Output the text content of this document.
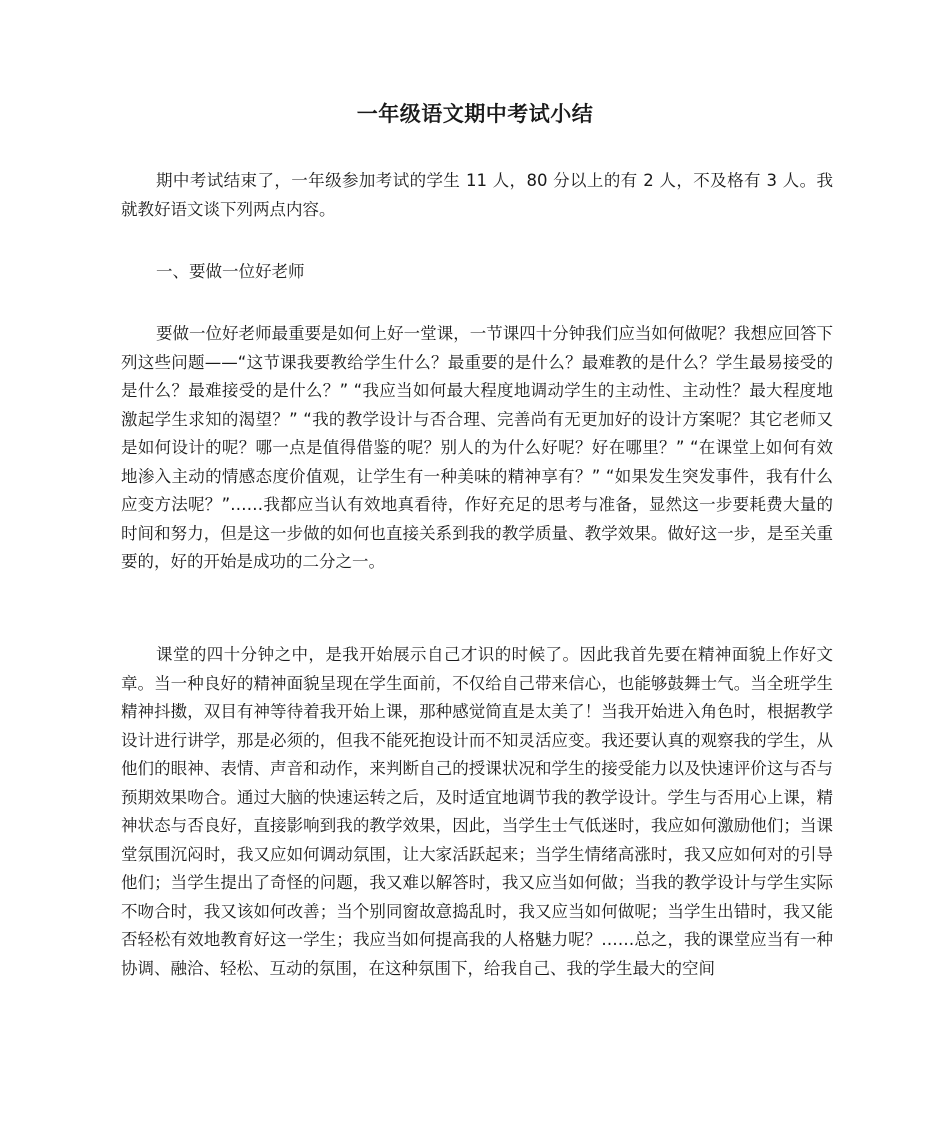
一年级语文期中考试小结

期中考试结束了，一年级参加考试的学生 11 人，80 分以上的有 2 人，不及格有 3 人。我就教好语文谈下列两点内容。

一、要做一位好老师

要做一位好老师最重要是如何上好一堂课，一节课四十分钟我们应当如何做呢？我想应回答下列这些问题——“这节课我要教给学生什么？最重要的是什么？最难教的是什么？学生最易接受的是什么？最难接受的是什么？” “我应当如何最大程度地调动学生的主动性、主动性？最大程度地激起学生求知的渴望？” “我的教学设计与否合理、完善尚有无更加好的设计方案呢？其它老师又是如何设计的呢？哪一点是值得借鉴的呢？别人的为什么好呢？好在哪里？” “在课堂上如何有效地渗入主动的情感态度价值观，让学生有一种美味的精神享有？” “如果发生突发事件，我有什么应变方法呢？”……我都应当认有效地真看待，作好充足的思考与准备，显然这一步要耗费大量的时间和努力，但是这一步做的如何也直接关系到我的教学质量、教学效果。做好这一步，是至关重要的，好的开始是成功的二分之一。

课堂的四十分钟之中，是我开始展示自己才识的时候了。因此我首先要在精神面貌上作好文章。当一种良好的精神面貌呈现在学生面前，不仅给自己带来信心，也能够鼓舞士气。当全班学生精神抖擞，双目有神等待着我开始上课，那种感觉简直是太美了！当我开始进入角色时，根据教学设计进行讲学，那是必须的，但我不能死抱设计而不知灵活应变。我还要认真的观察我的学生，从他们的眼神、表情、声音和动作，来判断自己的授课状况和学生的接受能力以及快速评价这与否与预期效果吻合。通过大脑的快速运转之后，及时适宜地调节我的教学设计。学生与否用心上课，精神状态与否良好，直接影响到我的教学效果，因此，当学生士气低迷时，我应如何激励他们；当课堂氛围沉闷时，我又应如何调动氛围，让大家活跃起来；当学生情绪高涨时，我又应如何对的引导他们；当学生提出了奇怪的问题，我又难以解答时，我又应当如何做；当我的教学设计与学生实际不吻合时，我又该如何改善；当个别同窗故意捣乱时，我又应当如何做呢；当学生出错时，我又能否轻松有效地教育好这一学生；我应当如何提高我的人格魅力呢？……总之，我的课堂应当有一种协调、融洽、轻松、互动的氛围，在这种氛围下，给我自己、我的学生最大的空间
